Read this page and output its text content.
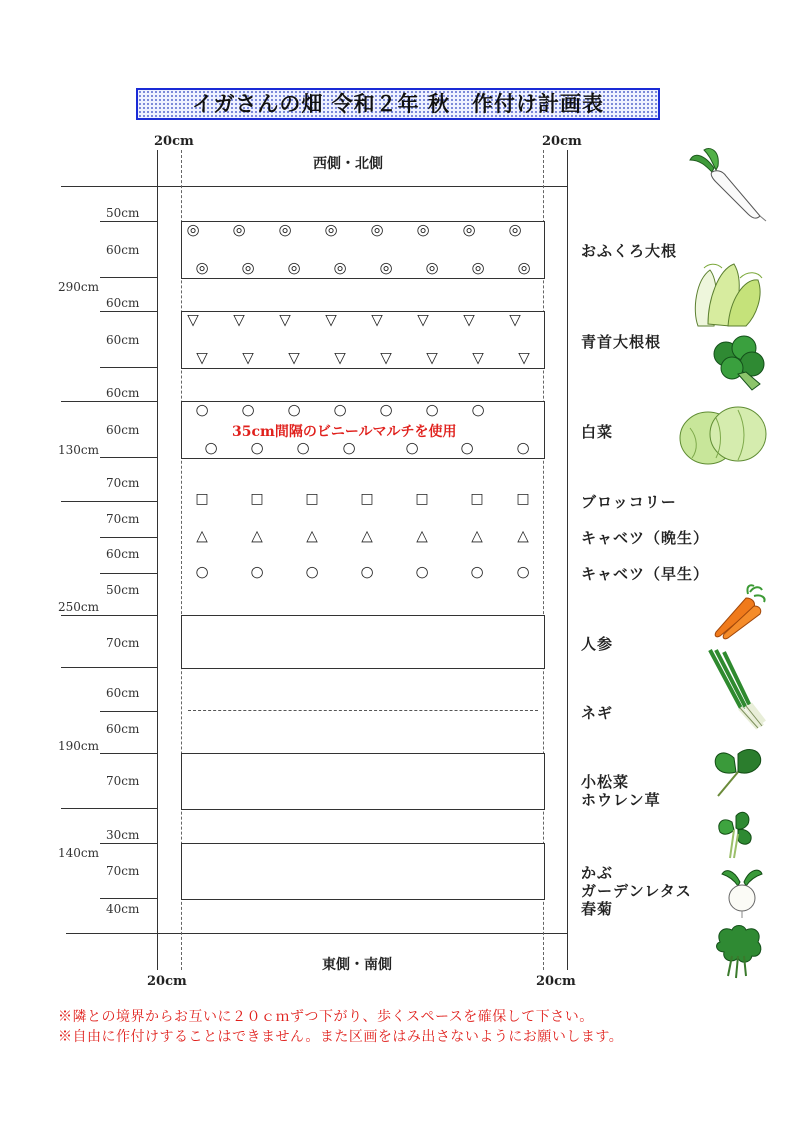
イガさんの畑 令和２年 秋　作付け計画表
20cm	20cm
西側・北側
50cm
60cm
60cm
60cm
60cm
60cm
70cm
70cm
60cm
50cm
70cm
60cm
60cm
70cm
30cm
70cm
40cm
290cm
130cm
250cm
190cm
140cm
35cm間隔のビニールマルチを使用
◎ ◎ ◎ ◎ ◎ ◎ ◎ ◎
◎ ◎ ◎ ◎ ◎ ◎ ◎ ◎
▽ ▽ ▽ ▽ ▽ ▽ ▽ ▽
▽ ▽ ▽ ▽ ▽ ▽ ▽ ▽
○ ○ ○ ○ ○ ○ ○
○ ○ ○ ○	○	○	○
□	□	□	□	□	□ □
△	△	△	△	△	△ △
○	○	○	○	○	○ ○
おふくろ大根
青首大根根
白菜
ブロッコリー
キャベツ（晩生）
キャベツ（早生）
人参
ネギ
小松菜
ホウレン草
かぶ
ガーデンレタス
春菊
東側・南側
20cm	20cm
※隣との境界からお互いに２０ｃｍずつ下がり、歩くスペースを確保して下さい。
※自由に作付けすることはできません。また区画をはみ出さないようにお願いします。
